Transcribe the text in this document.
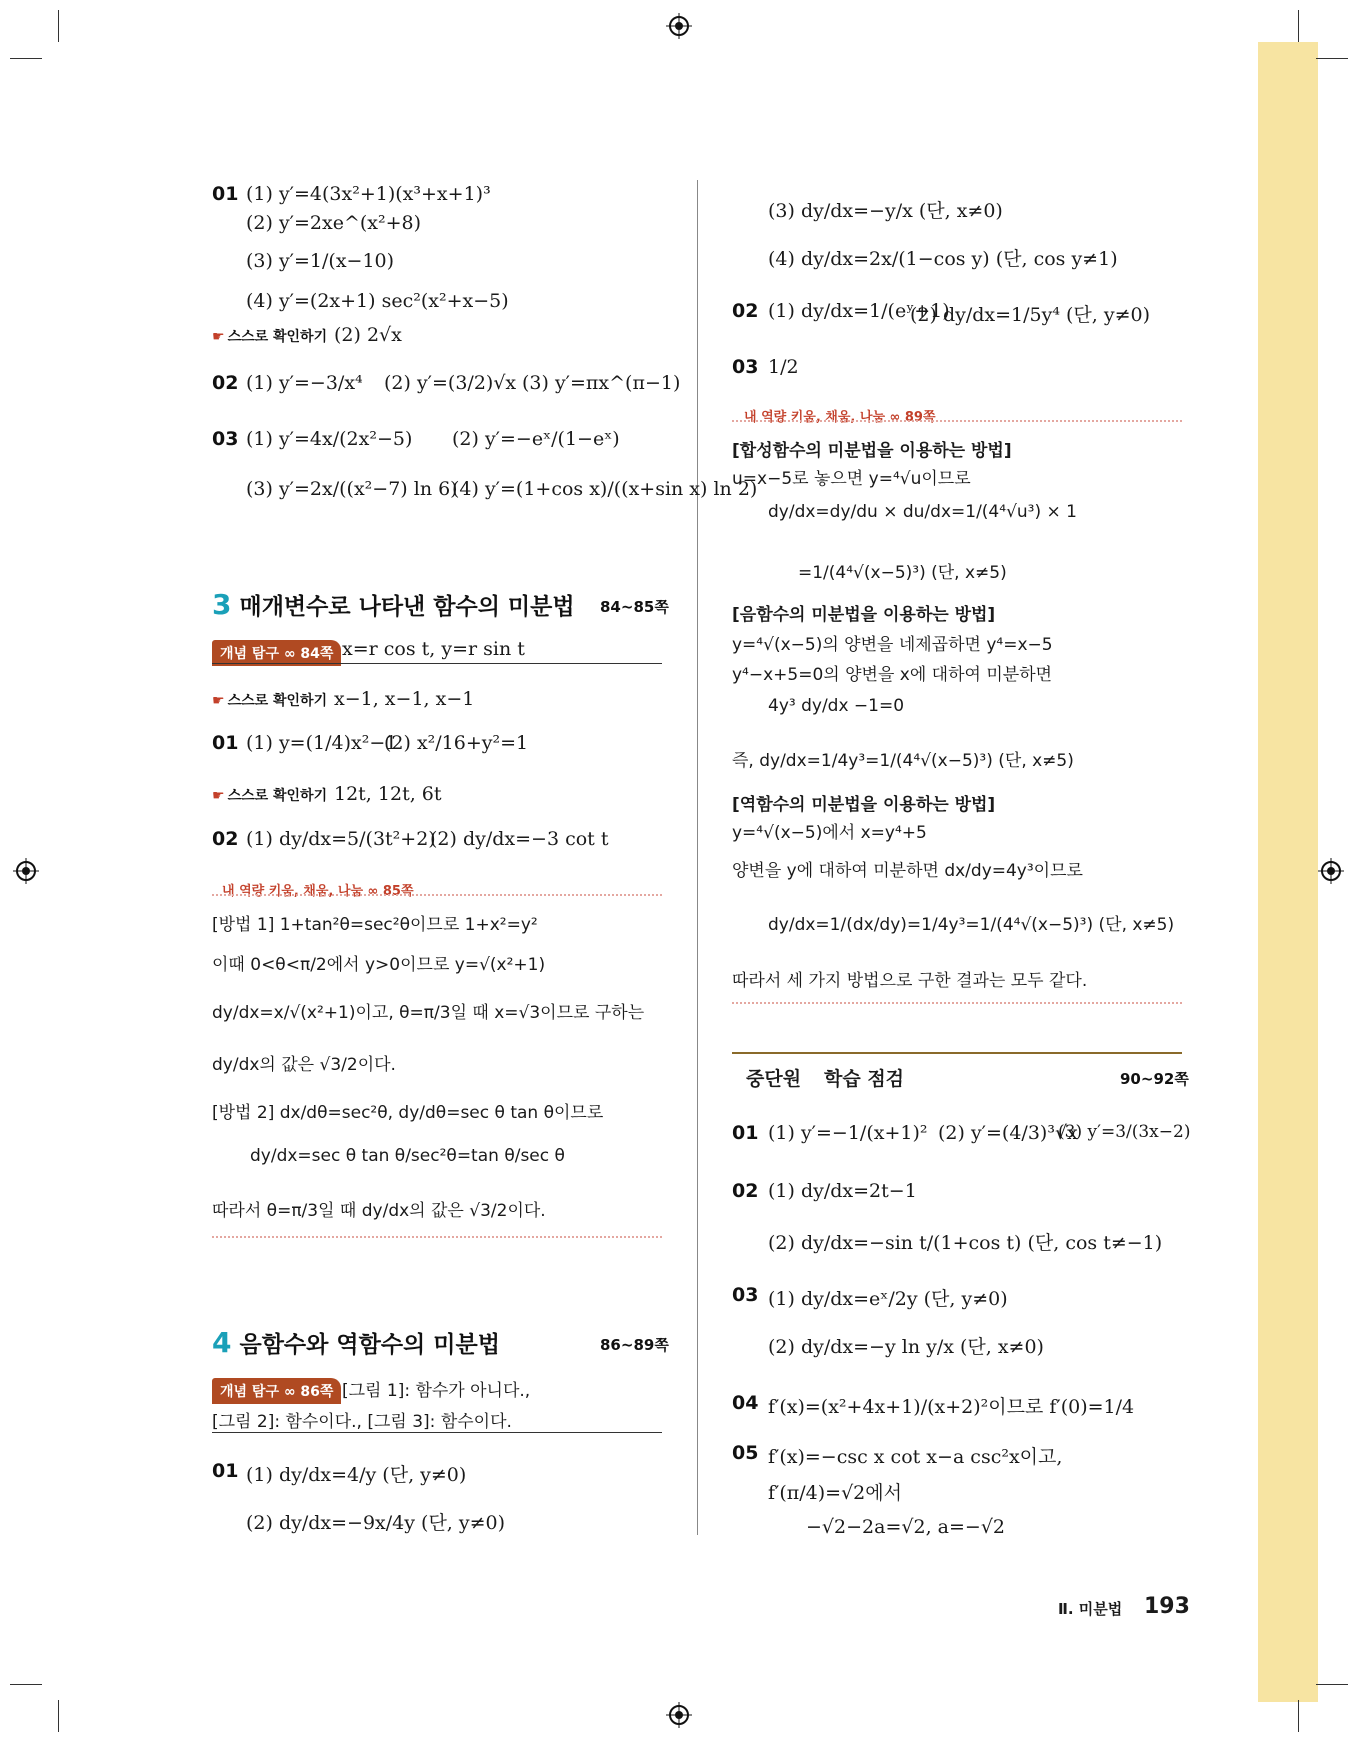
01 (1) y′=4(3x²+1)(x³+x+1)³
(2) y′=2xe^(x²+8)
(3) y′=1/(x−10)
(4) y′=(2x+1) sec²(x²+x−5)
☛ 스스로 확인하기 (2) 2√x
02 (1) y′=−3/x⁴ (2) y′=(3/2)√x (3) y′=πx^(π−1)
03 (1) y′=4x/(2x²−5) (2) y′=−eˣ/(1−eˣ)
(3) y′=2x/((x²−7) ln 6)
(4) y′=(1+cos x)/((x+sin x) ln 2)
3 매개변수로 나타낸 함수의 미분법 84~85쪽
개념 탐구 ∞ 84쪽 x=r cos t, y=r sin t
☛ 스스로 확인하기 x−1, x−1, x−1
01 (1) y=(1/4)x²−1
(2) x²/16+y²=1
☛ 스스로 확인하기 12t, 12t, 6t
02 (1) dy/dx=5/(3t²+2)
(2) dy/dx=−3 cot t
내 역량 키움, 채움, 나눔 ∞ 85쪽
[방법 1] 1+tan²θ=sec²θ이므로 1+x²=y²
이때 0<θ<π/2에서 y>0이므로 y=√(x²+1)
dy/dx=x/√(x²+1)이고, θ=π/3일 때 x=√3이므로 구하는
dy/dx의 값은 √3/2이다.
[방법 2] dx/dθ=sec²θ, dy/dθ=sec θ tan θ이므로
dy/dx=sec θ tan θ/sec²θ=tan θ/sec θ
따라서 θ=π/3일 때 dy/dx의 값은 √3/2이다.
4 음함수와 역함수의 미분법	86~89쪽
개념 탐구 ∞ 86쪽 [그림 1]: 함수가 아니다.,
[그림 2]: 함수이다., [그림 3]: 함수이다.
01 (1) dy/dx=4/y (단, y≠0)
(2) dy/dx=−9x/4y (단, y≠0)
(3) dy/dx=−y/x (단, x≠0)
(4) dy/dx=2x/(1−cos y) (단, cos y≠1)
02 (1) dy/dx=1/(eʸ+1)
(2) dy/dx=1/5y⁴ (단, y≠0)
03 1/2
내 역량 키움, 채움, 나눔 ∞ 89쪽
[합성함수의 미분법을 이용하는 방법]
u=x−5로 놓으면 y=⁴√u이므로
dy/dx=dy/du × du/dx=1/(4⁴√u³) × 1
=1/(4⁴√(x−5)³) (단, x≠5)
[음함수의 미분법을 이용하는 방법]
y=⁴√(x−5)의 양변을 네제곱하면 y⁴=x−5
y⁴−x+5=0의 양변을 x에 대하여 미분하면
4y³ dy/dx −1=0
즉, dy/dx=1/4y³=1/(4⁴√(x−5)³) (단, x≠5)
[역함수의 미분법을 이용하는 방법]
y=⁴√(x−5)에서 x=y⁴+5
양변을 y에 대하여 미분하면 dx/dy=4y³이므로
dy/dx=1/(dx/dy)=1/4y³=1/(4⁴√(x−5)³) (단, x≠5)
따라서 세 가지 방법으로 구한 결과는 모두 같다.
중단원 학습 점검	90~92쪽
01 (1) y′=−1/(x+1)² (2) y′=(4/3)³√x
(3) y′=3/(3x−2)
02 (1) dy/dx=2t−1
(2) dy/dx=−sin t/(1+cos t) (단, cos t≠−1)
03 (1) dy/dx=eˣ/2y (단, y≠0)
(2) dy/dx=−y ln y/x (단, x≠0)
04 f′(x)=(x²+4x+1)/(x+2)²이므로 f′(0)=1/4
05 f′(x)=−csc x cot x−a csc²x이고,
f′(π/4)=√2에서
−√2−2a=√2, a=−√2
Ⅱ. 미분법 193
